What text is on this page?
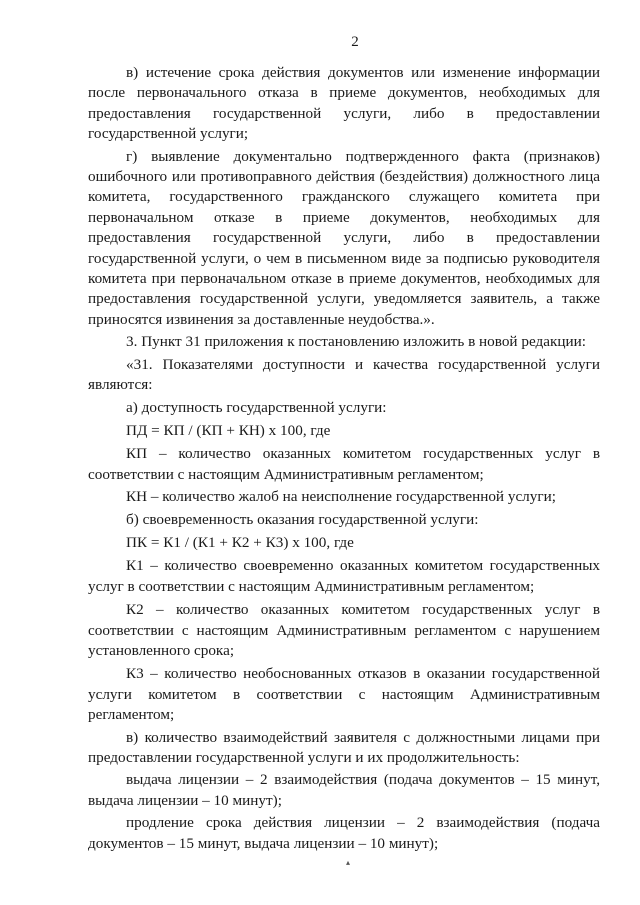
2

в) истечение срока действия документов или изменение информации после первоначального отказа в приеме документов, необходимых для предоставления государственной услуги, либо в предоставлении государственной услуги;

г) выявление документально подтвержденного факта (признаков) ошибочного или противоправного действия (бездействия) должностного лица комитета, государственного гражданского служащего комитета при первоначальном отказе в приеме документов, необходимых для предоставления государственной услуги, либо в предоставлении государственной услуги, о чем в письменном виде за подписью руководителя комитета при первоначальном отказе в приеме документов, необходимых для предоставления государственной услуги, уведомляется заявитель, а также приносятся извинения за доставленные неудобства.».

3. Пункт 31 приложения к постановлению изложить в новой редакции:

«31. Показателями доступности и качества государственной услуги являются:

а) доступность государственной услуги:

ПД = КП / (КП + КН) х 100, где

КП – количество оказанных комитетом государственных услуг в соответствии с настоящим Административным регламентом;

КН – количество жалоб на неисполнение государственной услуги;

б) своевременность оказания государственной услуги:

ПК = К1 / (К1 + К2 + К3) х 100, где

К1 – количество своевременно оказанных комитетом государственных услуг в соответствии с настоящим Административным регламентом;

К2 – количество оказанных комитетом государственных услуг в соответствии с настоящим Административным регламентом с нарушением установленного срока;

К3 – количество необоснованных отказов в оказании государственной услуги комитетом в соответствии с настоящим Административным регламентом;

в) количество взаимодействий заявителя с должностными лицами при предоставлении государственной услуги и их продолжительность:

выдача лицензии – 2 взаимодействия (подача документов – 15 минут, выдача лицензии – 10 минут);

продление срока действия лицензии – 2 взаимодействия (подача документов – 15 минут, выдача лицензии – 10 минут);

▴
